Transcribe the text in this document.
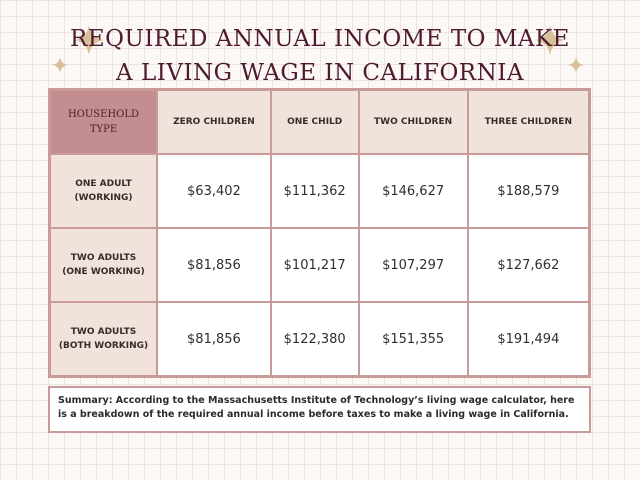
REQUIRED ANNUAL INCOME TO MAKE
A LIVING WAGE IN CALIFORNIA
HOUSEHOLD
TYPE	ZERO CHILDREN	ONE CHILD	TWO CHILDREN	THREE CHILDREN

ONE ADULT
(WORKING)	$63,402	$111,362	$146,627	$188,579

TWO ADULTS
(ONE WORKING)	$81,856	$101,217	$107,297	$127,662

TWO ADULTS
(BOTH WORKING)	$81,856	$122,380	$151,355	$191,494
Summary: According to the Massachusetts Institute of Technology’s living wage calculator, here is a breakdown of the required annual income before taxes to make a living wage in California.
